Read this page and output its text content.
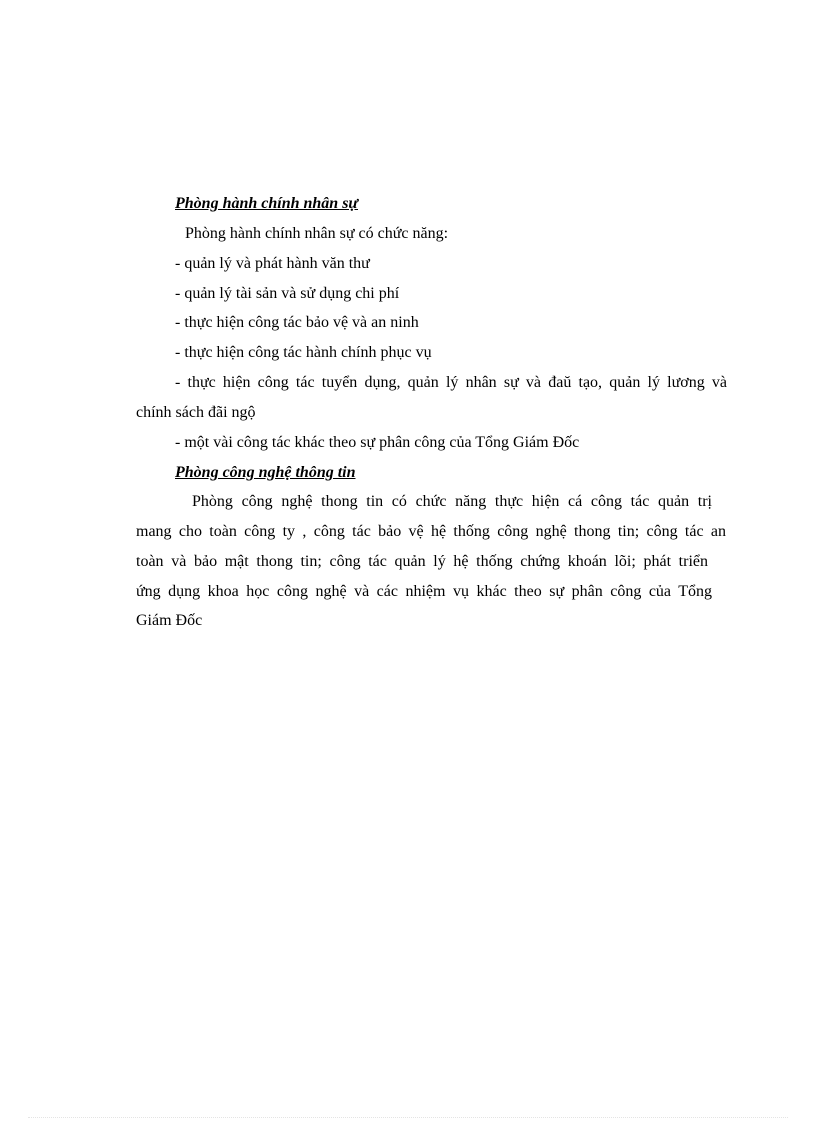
Phòng hành chính nhân sự
Phòng hành chính nhân sự có chức năng:
- quản lý và phát hành văn thư
- quản lý tài sản và sử dụng chi phí
- thực hiện công tác bảo vệ và an ninh
- thực hiện công tác hành chính phục vụ
- thực hiện công tác tuyển dụng, quản lý nhân sự và đaŭ tạo, quản lý lương và
chính sách đãi ngộ
- một vài công tác khác theo sự phân công của Tổng Giám Đốc
Phòng công nghệ thông tin
Phòng công nghệ thong tin có chức năng thực hiện cá công tác quản trị
mang cho toàn công ty , công tác bảo vệ hệ thống công nghệ thong tin; công tác an
toàn và bảo mật thong tin; công tác quản lý hệ thống chứng khoán lõi; phát triển
ứng dụng khoa học công nghệ và các nhiệm vụ khác theo sự phân công của Tổng
Giám Đốc
